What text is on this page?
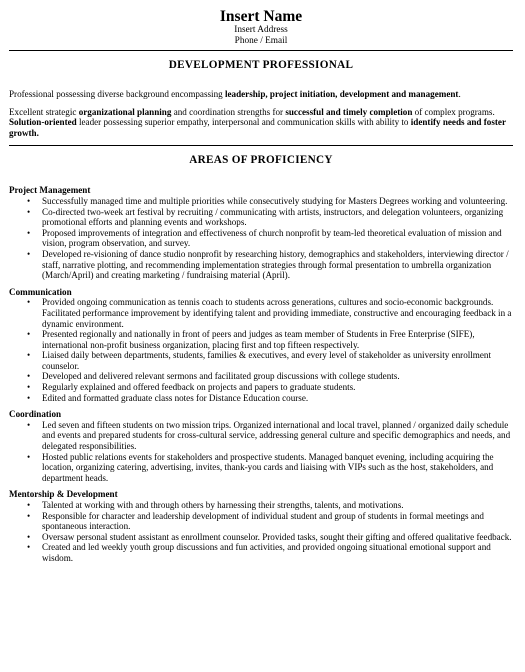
Insert Name
Insert Address
Phone / Email
DEVELOPMENT PROFESSIONAL

Professional possessing diverse background encompassing leadership, project initiation, development and management.

Excellent strategic organizational planning and coordination strengths for successful and timely completion of complex programs. Solution-oriented leader possessing superior empathy, interpersonal and communication skills with ability to identify needs and foster growth.

AREAS OF PROFICIENCY
Project Management
• Successfully managed time and multiple priorities while consecutively studying for Masters Degrees working and volunteering.
• Co-directed two-week art festival by recruiting / communicating with artists, instructors, and delegation volunteers, organizing promotional efforts and planning events and workshops.
• Proposed improvements of integration and effectiveness of church nonprofit by team-led theoretical evaluation of mission and vision, program observation, and survey.
• Developed re-visioning of dance studio nonprofit by researching history, demographics and stakeholders, interviewing director / staff, narrative plotting, and recommending implementation strategies through formal presentation to umbrella organization (March/April) and creating marketing / fundraising material (April).
Communication
• Provided ongoing communication as tennis coach to students across generations, cultures and socio-economic backgrounds. Facilitated performance improvement by identifying talent and providing immediate, constructive and encouraging feedback in a dynamic environment.
• Presented regionally and nationally in front of peers and judges as team member of Students in Free Enterprise (SIFE), international non-profit business organization, placing first and top fifteen respectively.
• Liaised daily between departments, students, families & executives, and every level of stakeholder as university enrollment counselor.
• Developed and delivered relevant sermons and facilitated group discussions with college students.
• Regularly explained and offered feedback on projects and papers to graduate students.
• Edited and formatted graduate class notes for Distance Education course.
Coordination
• Led seven and fifteen students on two mission trips. Organized international and local travel, planned / organized daily schedule and events and prepared students for cross-cultural service, addressing general culture and specific demographics and needs, and delegated responsibilities.
• Hosted public relations events for stakeholders and prospective students. Managed banquet evening, including acquiring the location, organizing catering, advertising, invites, thank-you cards and liaising with VIPs such as the host, stakeholders, and department heads.
Mentorship & Development
• Talented at working with and through others by harnessing their strengths, talents, and motivations.
• Responsible for character and leadership development of individual student and group of students in formal meetings and spontaneous interaction.
• Oversaw personal student assistant as enrollment counselor. Provided tasks, sought their gifting and offered qualitative feedback.
• Created and led weekly youth group discussions and fun activities, and provided ongoing situational emotional support and wisdom.
